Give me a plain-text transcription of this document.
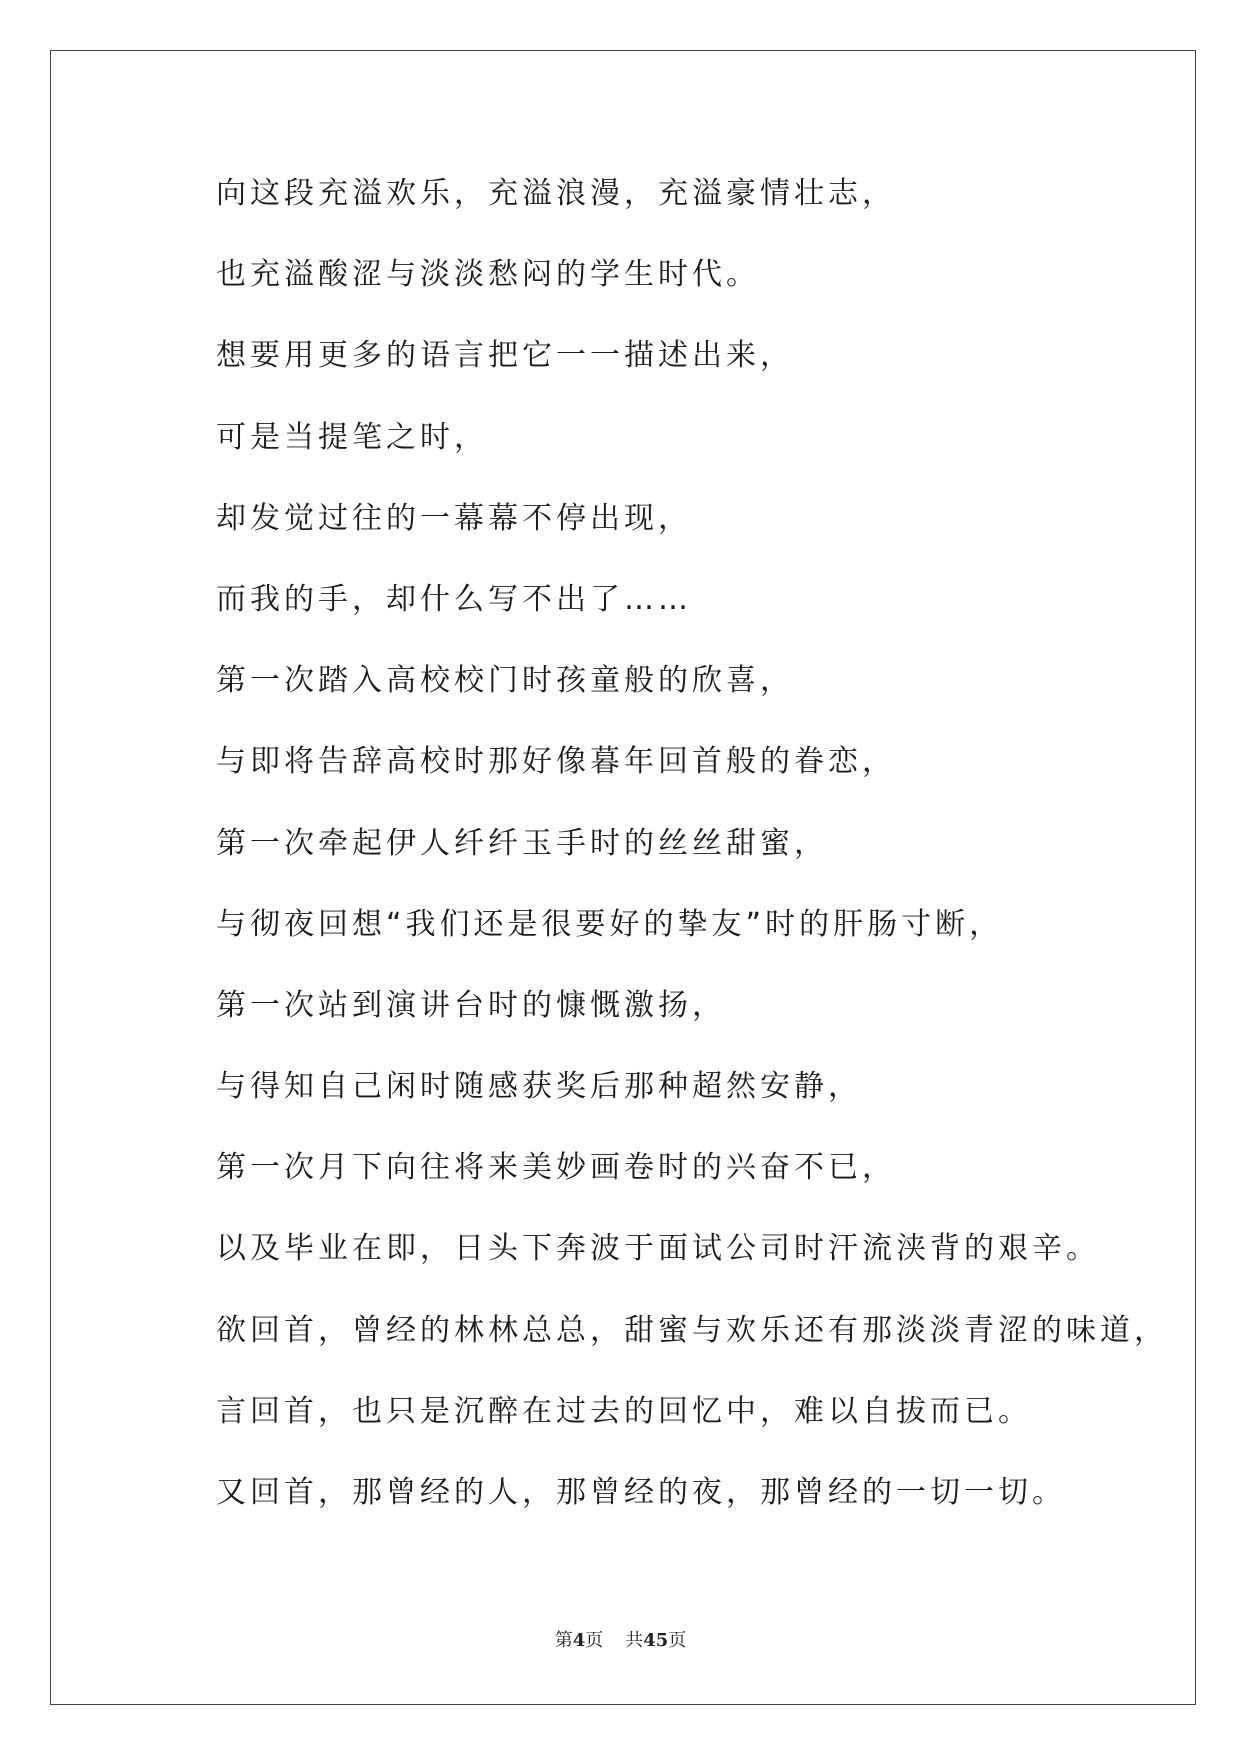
向这段充溢欢乐，充溢浪漫，充溢豪情壮志，
也充溢酸涩与淡淡愁闷的学生时代。
想要用更多的语言把它一一描述出来，
可是当提笔之时，
却发觉过往的一幕幕不停出现，
而我的手，却什么写不出了……
第一次踏入高校校门时孩童般的欣喜，
与即将告辞高校时那好像暮年回首般的眷恋，
第一次牵起伊人纤纤玉手时的丝丝甜蜜，
与彻夜回想“我们还是很要好的挚友”时的肝肠寸断，
第一次站到演讲台时的慷慨激扬，
与得知自己闲时随感获奖后那种超然安静，
第一次月下向往将来美妙画卷时的兴奋不已，
以及毕业在即，日头下奔波于面试公司时汗流浃背的艰辛。
欲回首，曾经的林林总总，甜蜜与欢乐还有那淡淡青涩的味道，
言回首，也只是沉醉在过去的回忆中，难以自拔而已。
又回首，那曾经的人，那曾经的夜，那曾经的一切一切。
第4页 共45页
